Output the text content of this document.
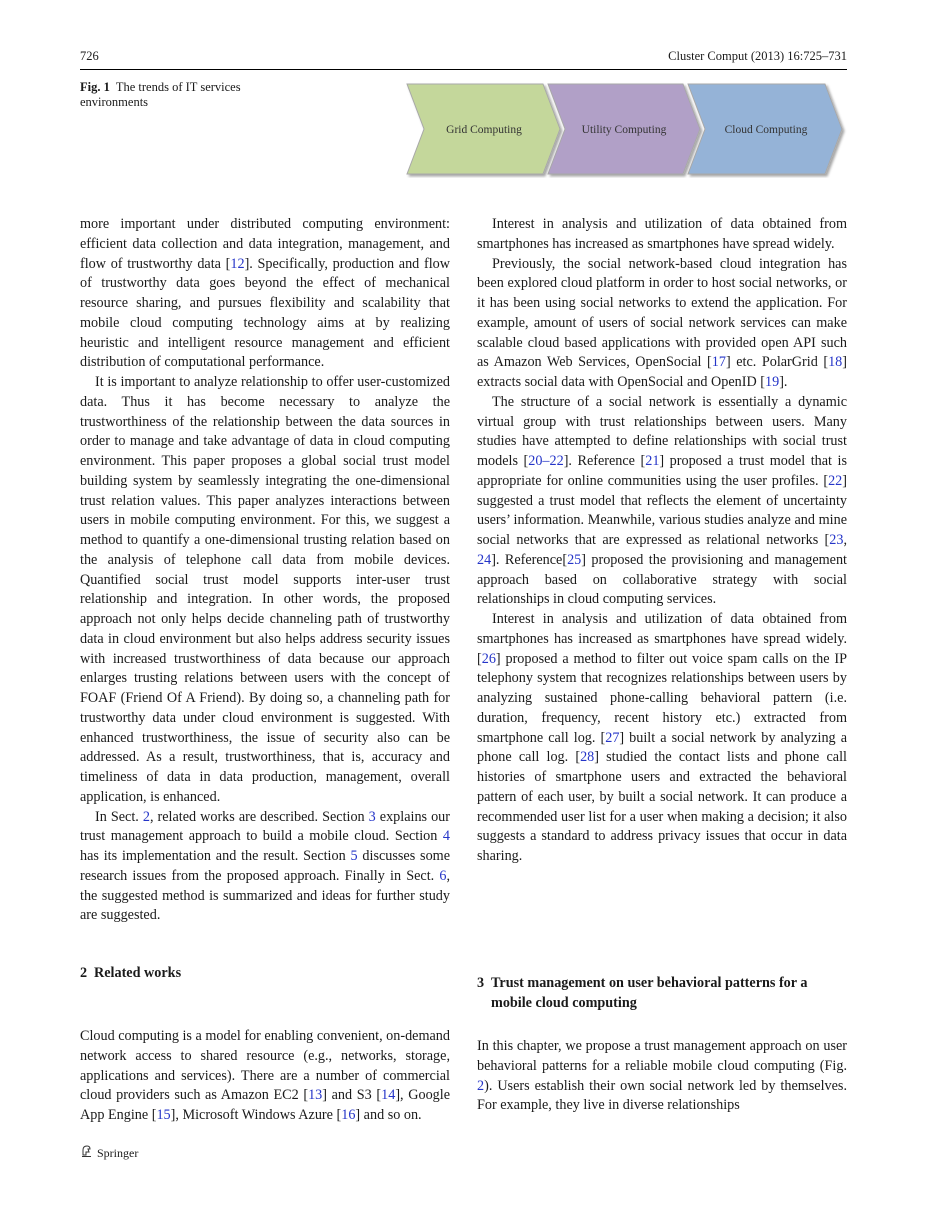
726	Cluster Comput (2013) 16:725–731
Fig. 1 The trends of IT services environments
Grid Computing	Utility Computing	Cloud Computing

more important under distributed computing environment: efficient data collection and data integration, management, and flow of trustworthy data [12]. Specifically, production and flow of trustworthy data goes beyond the effect of mechanical resource sharing, and pursues flexibility and scalability that mobile cloud computing technology aims at by realizing heuristic and intelligent resource management and efficient distribution of computational performance.

It is important to analyze relationship to offer user-customized data. Thus it has become necessary to analyze the trustworthiness of the relationship between the data sources in order to manage and take advantage of data in cloud computing environment. This paper proposes a global social trust model building system by seamlessly integrating the one-dimensional trust relation values. This paper analyzes interactions between users in mobile computing environment. For this, we suggest a method to quantify a one-dimensional trusting relation based on the analysis of telephone call data from mobile devices. Quantified social trust model supports inter-user trust relationship and integration. In other words, the proposed approach not only helps decide channeling path of trustworthy data in cloud environment but also helps address security issues with increased trustworthiness of data because our approach enlarges trusting relations between users with the concept of FOAF (Friend Of A Friend). By doing so, a channeling path for trustworthy data under cloud environment is suggested. With enhanced trustworthiness, the issue of security also can be addressed. As a result, trustworthiness, that is, accuracy and timeliness of data in data production, management, overall application, is enhanced.

In Sect. 2, related works are described. Section 3 explains our trust management approach to build a mobile cloud. Section 4 has its implementation and the result. Section 5 discusses some research issues from the proposed approach. Finally in Sect. 6, the suggested method is summarized and ideas for further study are suggested.

2 Related works

Cloud computing is a model for enabling convenient, on-demand network access to shared resource (e.g., networks, storage, applications and services). There are a number of commercial cloud providers such as Amazon EC2 [13] and S3 [14], Google App Engine [15], Microsoft Windows Azure [16] and so on.

Interest in analysis and utilization of data obtained from smartphones has increased as smartphones have spread widely.

Previously, the social network-based cloud integration has been explored cloud platform in order to host social networks, or it has been using social networks to extend the application. For example, amount of users of social network services can make scalable cloud based applications with provided open API such as Amazon Web Services, OpenSocial [17] etc. PolarGrid [18] extracts social data with OpenSocial and OpenID [19].

The structure of a social network is essentially a dynamic virtual group with trust relationships between users. Many studies have attempted to define relationships with social trust models [20–22]. Reference [21] proposed a trust model that is appropriate for online communities using the user profiles. [22] suggested a trust model that reflects the element of uncertainty users’ information. Meanwhile, various studies analyze and mine social networks that are expressed as relational networks [23, 24]. Reference[25] proposed the provisioning and management approach based on collaborative strategy with social relationships in cloud computing services.

Interest in analysis and utilization of data obtained from smartphones has increased as smartphones have spread widely. [26] proposed a method to filter out voice spam calls on the IP telephony system that recognizes relationships between users by analyzing sustained phone-calling behavioral pattern (i.e. duration, frequency, recent history etc.) extracted from smartphone call log. [27] built a social network by analyzing a phone call log. [28] studied the contact lists and phone call histories of smartphone users and extracted the behavioral pattern of each user, by built a social network. It can produce a recommended user list for a user when making a decision; it also suggests a standard to address privacy issues that occur in data sharing.

3 Trust management on user behavioral patterns for a mobile cloud computing

In this chapter, we propose a trust management approach on user behavioral patterns for a reliable mobile cloud computing (Fig. 2). Users establish their own social network led by themselves. For example, they live in diverse relationships

Springer
